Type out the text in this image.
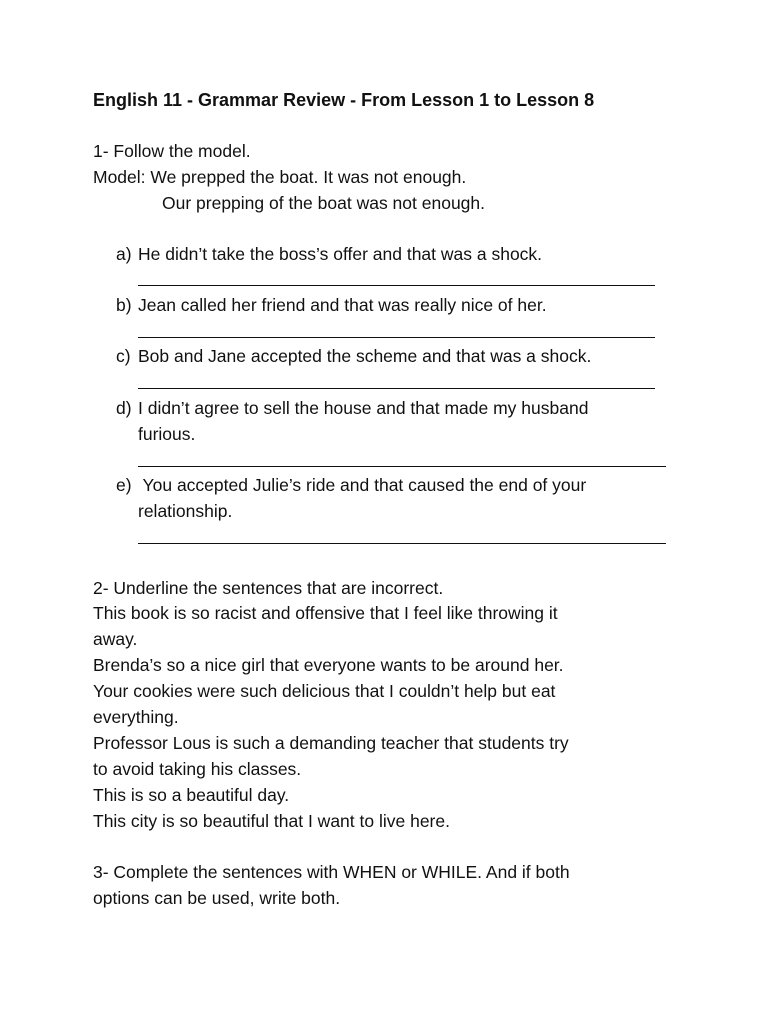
English 11 - Grammar Review - From Lesson 1 to Lesson 8
1- Follow the model.
Model: We prepped the boat. It was not enough.
Our prepping of the boat was not enough.
a) He didn’t take the boss’s offer and that was a shock.
b) Jean called her friend and that was really nice of her.
c) Bob and Jane accepted the scheme and that was a shock.
d) I didn’t agree to sell the house and that made my husband
furious.
e) You accepted Julie’s ride and that caused the end of your
relationship.
2- Underline the sentences that are incorrect.
This book is so racist and offensive that I feel like throwing it
away.
Brenda’s so a nice girl that everyone wants to be around her.
Your cookies were such delicious that I couldn’t help but eat
everything.
Professor Lous is such a demanding teacher that students try
to avoid taking his classes.
This is so a beautiful day.
This city is so beautiful that I want to live here.
3- Complete the sentences with WHEN or WHILE. And if both
options can be used, write both.
